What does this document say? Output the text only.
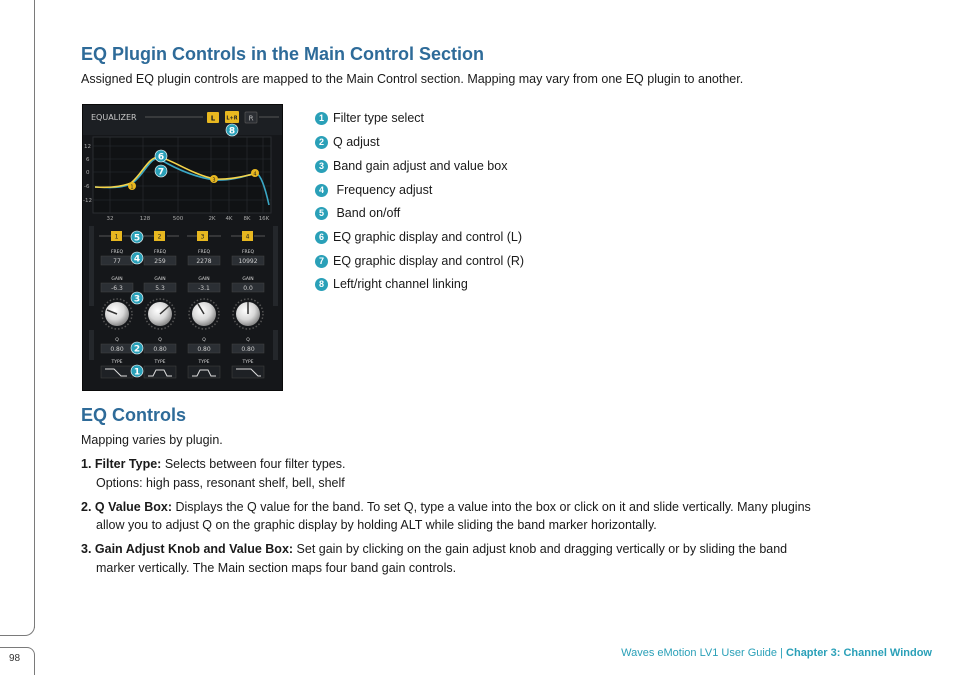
98
EQ Plugin Controls in the Main Control Section
Assigned EQ plugin controls are mapped to the Main Control section. Mapping may vary from one EQ plugin to another.
EQUALIZER	L L+R R
12
6
0
-6
-12
32	128	500	2K 4K 8K 16K
1
3
4
1
FREQ
77
GAIN
-6.3
Q
0.80
TYPE
2
FREQ
259
GAIN
5.3
Q
0.80
TYPE
3
FREQ
2278
GAIN
-3.1
Q
0.80
TYPE
4
FREQ
10992
GAIN
0.0
Q
0.80
TYPE
8
6
7
5
4
3
2
1
1 Filter type select
2 Q adjust
3 Band gain adjust and value box
4 Frequency adjust
5 Band on/off
6 EQ graphic display and control (L)
7 EQ graphic display and control (R)
8 Left/right channel linking
EQ Controls
Mapping varies by plugin.
1. Filter Type: Selects between four filter types.
Options: high pass, resonant shelf, bell, shelf
2. Q Value Box: Displays the Q value for the band. To set Q, type a value into the box or click on it and slide vertically. Many plugins
allow you to adjust Q on the graphic display by holding ALT while sliding the band marker horizontally.
3. Gain Adjust Knob and Value Box: Set gain by clicking on the gain adjust knob and dragging vertically or by sliding the band
marker vertically. The Main section maps four band gain controls.
Waves eMotion LV1 User Guide | Chapter 3: Channel Window
